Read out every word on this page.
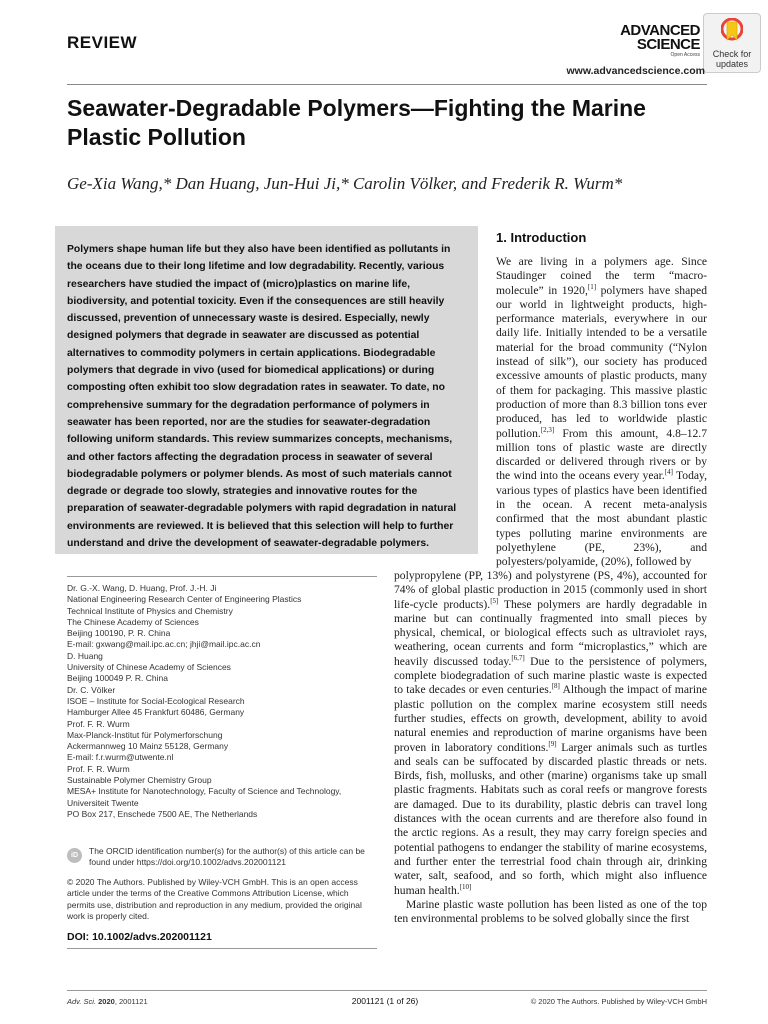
REVIEW
ADVANCED
SCIENCE
Open Access	Check for
updates
www.advancedscience.com
Seawater-Degradable Polymers—Fighting the Marine Plastic Pollution
Ge-Xia Wang,* Dan Huang, Jun-Hui Ji,* Carolin Völker, and Frederik R. Wurm*

Polymers shape human life but they also have been identified as pollutants in the oceans due to their long lifetime and low degradability. Recently, various researchers have studied the impact of (micro)plastics on marine life, biodiversity, and potential toxicity. Even if the consequences are still heavily discussed, prevention of unnecessary waste is desired. Especially, newly designed polymers that degrade in seawater are discussed as potential alternatives to commodity polymers in certain applications. Biodegradable polymers that degrade in vivo (used for biomedical applications) or during composting often exhibit too slow degradation rates in seawater. To date, no comprehensive summary for the degradation performance of polymers in seawater has been reported, nor are the studies for seawater-degradation following uniform standards. This review summarizes concepts, mechanisms, and other factors affecting the degradation process in seawater of several biodegradable polymers or polymer blends. As most of such materials cannot degrade or degrade too slowly, strategies and innovative routes for the preparation of seawater-degradable polymers with rapid degradation in natural environments are reviewed. It is believed that this selection will help to further understand and drive the development of seawater-degradable polymers.

1. Introduction
We are living in a polymers age. Since Staudinger coined the term “macro-molecule” in 1920,[1] polymers have shaped our world in lightweight products, high-performance materials, everywhere in our daily life. Initially intended to be a versatile material for the broad community (“Nylon instead of silk”), our society has produced excessive amounts of plastic products, many of them for packaging. This massive plastic production of more than 8.3 billion tons ever produced, has led to worldwide plastic pollution.[2,3] From this amount, 4.8–12.7 million tons of plastic waste are directly discarded or delivered through rivers or by the wind into the oceans every year.[4] Today, various types of plastics have been identified in the ocean. A recent meta-analysis confirmed that the most abundant plastic types polluting marine environments are polyethylene (PE, 23%), and polyesters/polyamide, (20%), followed by

polypropylene (PP, 13%) and polystyrene (PS, 4%), accounted for 74% of global plastic production in 2015 (commonly used in short life-cycle products).[5] These polymers are hardly degradable in marine but can continually fragmented into small pieces by physical, chemical, or biological effects such as ultraviolet rays, weathering, ocean currents and form “microplastics,” which are heavily discussed today.[6,7] Due to the persistence of polymers, complete biodegradation of such marine plastic waste is expected to take decades or even centuries.[8] Although the impact of marine plastic pollution on the complex marine ecosystem still needs further studies, effects on growth, development, ability to avoid natural enemies and reproduction of marine organisms have been proven in laboratory conditions.[9] Larger animals such as turtles and seals can be suffocated by discarded plastic threads or nets. Birds, fish, mollusks, and other (marine) organisms take up small plastic fragments. Habitats such as coral reefs or mangrove forests are damaged. Due to its durability, plastic debris can travel long distances with the ocean currents and are therefore also found in the arctic regions. As a result, they may carry foreign species and potential pathogens to endanger the stability of marine ecosystems, and further enter the terrestrial food chain through air, drinking water, salt, seafood, and so forth, which might also influence human health.[10]

Marine plastic waste pollution has been listed as one of the top ten environmental problems to be solved globally since the first

Dr. G.-X. Wang, D. Huang, Prof. J.-H. Ji
National Engineering Research Center of Engineering Plastics
Technical Institute of Physics and Chemistry
The Chinese Academy of Sciences
Beijing 100190, P. R. China
E-mail: gxwang@mail.ipc.ac.cn; jhji@mail.ipc.ac.cn
D. Huang
University of Chinese Academy of Sciences
Beijing 100049 P. R. China
Dr. C. Völker
ISOE – Institute for Social-Ecological Research
Hamburger Allee 45 Frankfurt 60486, Germany
Prof. F. R. Wurm
Max-Planck-Institut für Polymerforschung
Ackermannweg 10 Mainz 55128, Germany
E-mail: f.r.wurm@utwente.nl
Prof. F. R. Wurm
Sustainable Polymer Chemistry Group
MESA+ Institute for Nanotechnology, Faculty of Science and Technology,
Universiteit Twente
PO Box 217, Enschede 7500 AE, The Netherlands
iD	The ORCID identification number(s) for the author(s) of this article can be found under https://doi.org/10.1002/advs.202001121
© 2020 The Authors. Published by Wiley-VCH GmbH. This is an open access article under the terms of the Creative Commons Attribution License, which permits use, distribution and reproduction in any medium, provided the original work is properly cited.
DOI: 10.1002/advs.202001121
Adv. Sci. 2020, 2001121	2001121 (1 of 26)	© 2020 The Authors. Published by Wiley-VCH GmbH
